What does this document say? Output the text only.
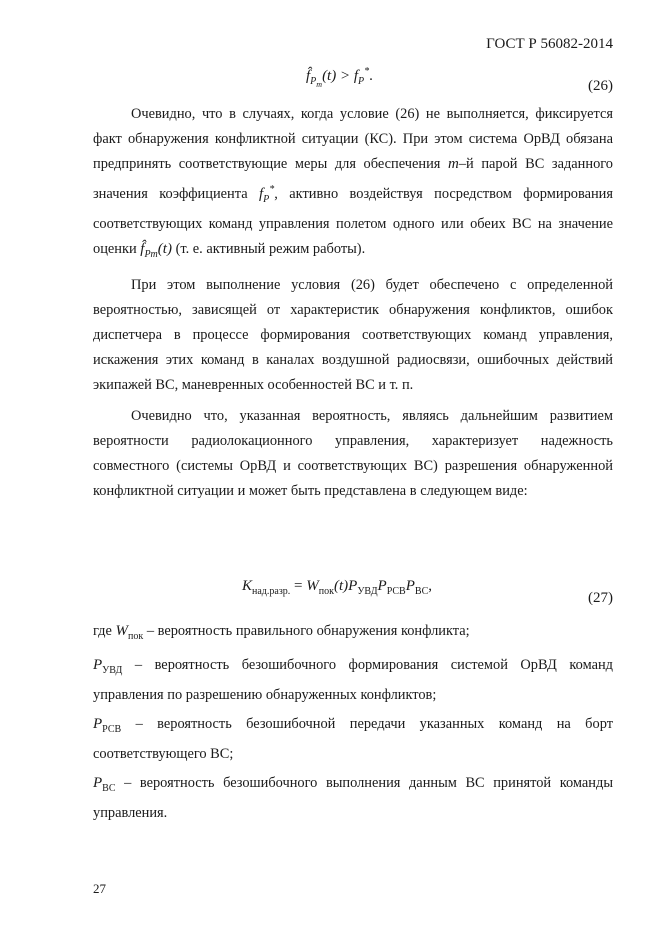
ГОСТ Р 56082-2014
$f̂_{P_m}(t) > f_P^*$.
(26)

Очевидно, что в случаях, когда условие (26) не выполняется, фиксируется факт обнаружения конфликтной ситуации (КС). При этом система ОрВД обязана предпринять соответствующие меры для обеспечения m–й парой ВС заданного значения коэффициента $f_P^*$, активно воздействуя посредством формирования соответствующих команд управления полетом одного или обеих ВС на значение оценки $f̂_{Pm}(t)$ (т. е. активный режим работы).

При этом выполнение условия (26) будет обеспечено с определенной вероятностью, зависящей от характеристик обнаружения конфликтов, ошибок диспетчера в процессе формирования соответствующих команд управления, искажения этих команд в каналах воздушной радиосвязи, ошибочных действий экипажей ВС, маневренных особенностей ВС и т. п.

Очевидно что, указанная вероятность, являясь дальнейшим развитием вероятности радиолокационного управления, характеризует надежность совместного (системы ОрВД и соответствующих ВС) разрешения обнаруженной конфликтной ситуации и может быть представлена в следующем виде:

$K_{над.разр.} = W_{пок}(t)P_{УВД}P_{РСВ}P_{ВС}$,
(27)

где $W_{пок}$ – вероятность правильного обнаружения конфликта;

$P_{УВД}$ – вероятность безошибочного формирования системой ОрВД команд управления по разрешению обнаруженных конфликтов;

$P_{РСВ}$ – вероятность безошибочной передачи указанных команд на борт соответствующего ВС;

$P_{ВС}$ – вероятность безошибочного выполнения данным ВС принятой команды управления.

27
